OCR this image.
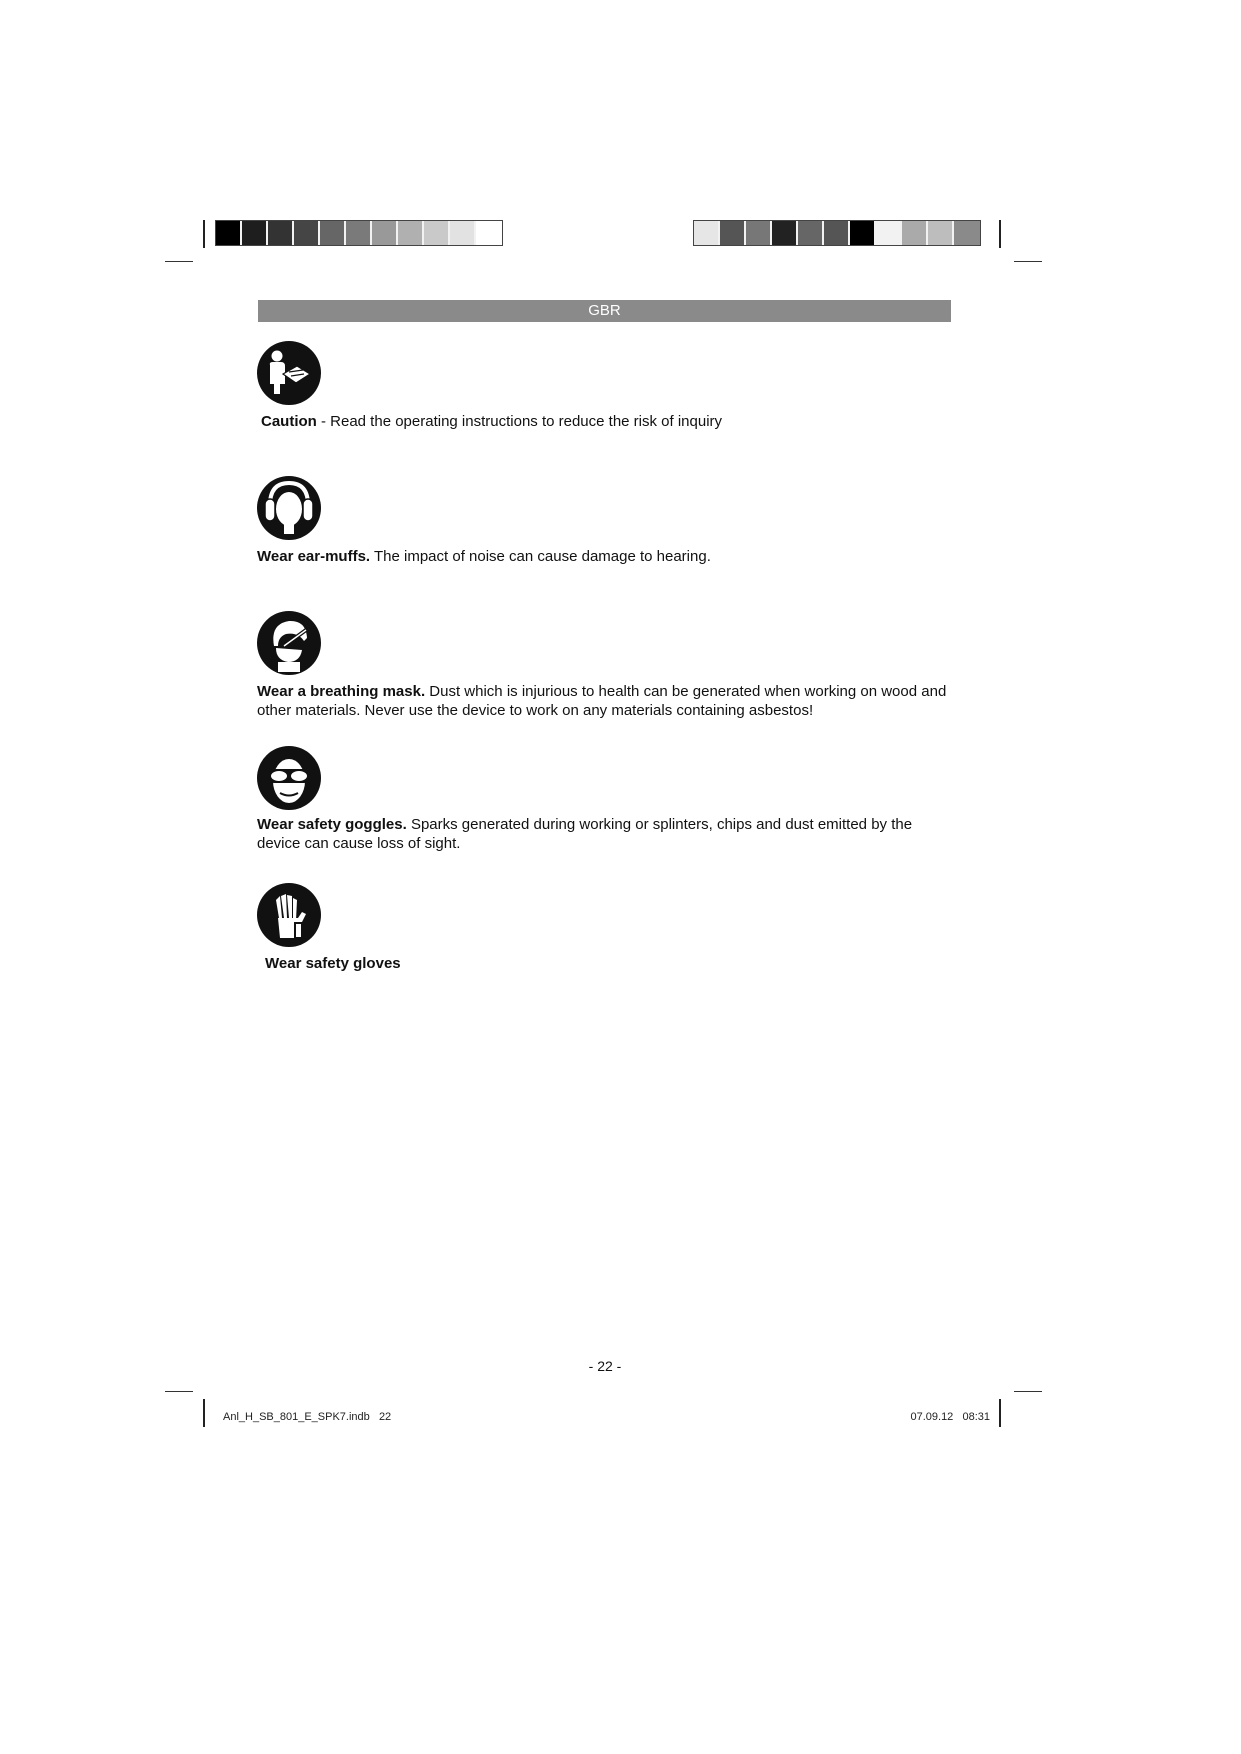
GBR
Caution - Read the operating instructions to reduce the risk of inquiry
Wear ear-muffs. The impact of noise can cause damage to hearing.
Wear a breathing mask. Dust which is injurious to health can be generated when working on wood and other materials. Never use the device to work on any materials containing asbestos!
Wear safety goggles. Sparks generated during working or splinters, chips and dust emitted by the device can cause loss of sight.
Wear safety gloves
- 22 -
Anl_H_SB_801_E_SPK7.indb   22	07.09.12   08:31
